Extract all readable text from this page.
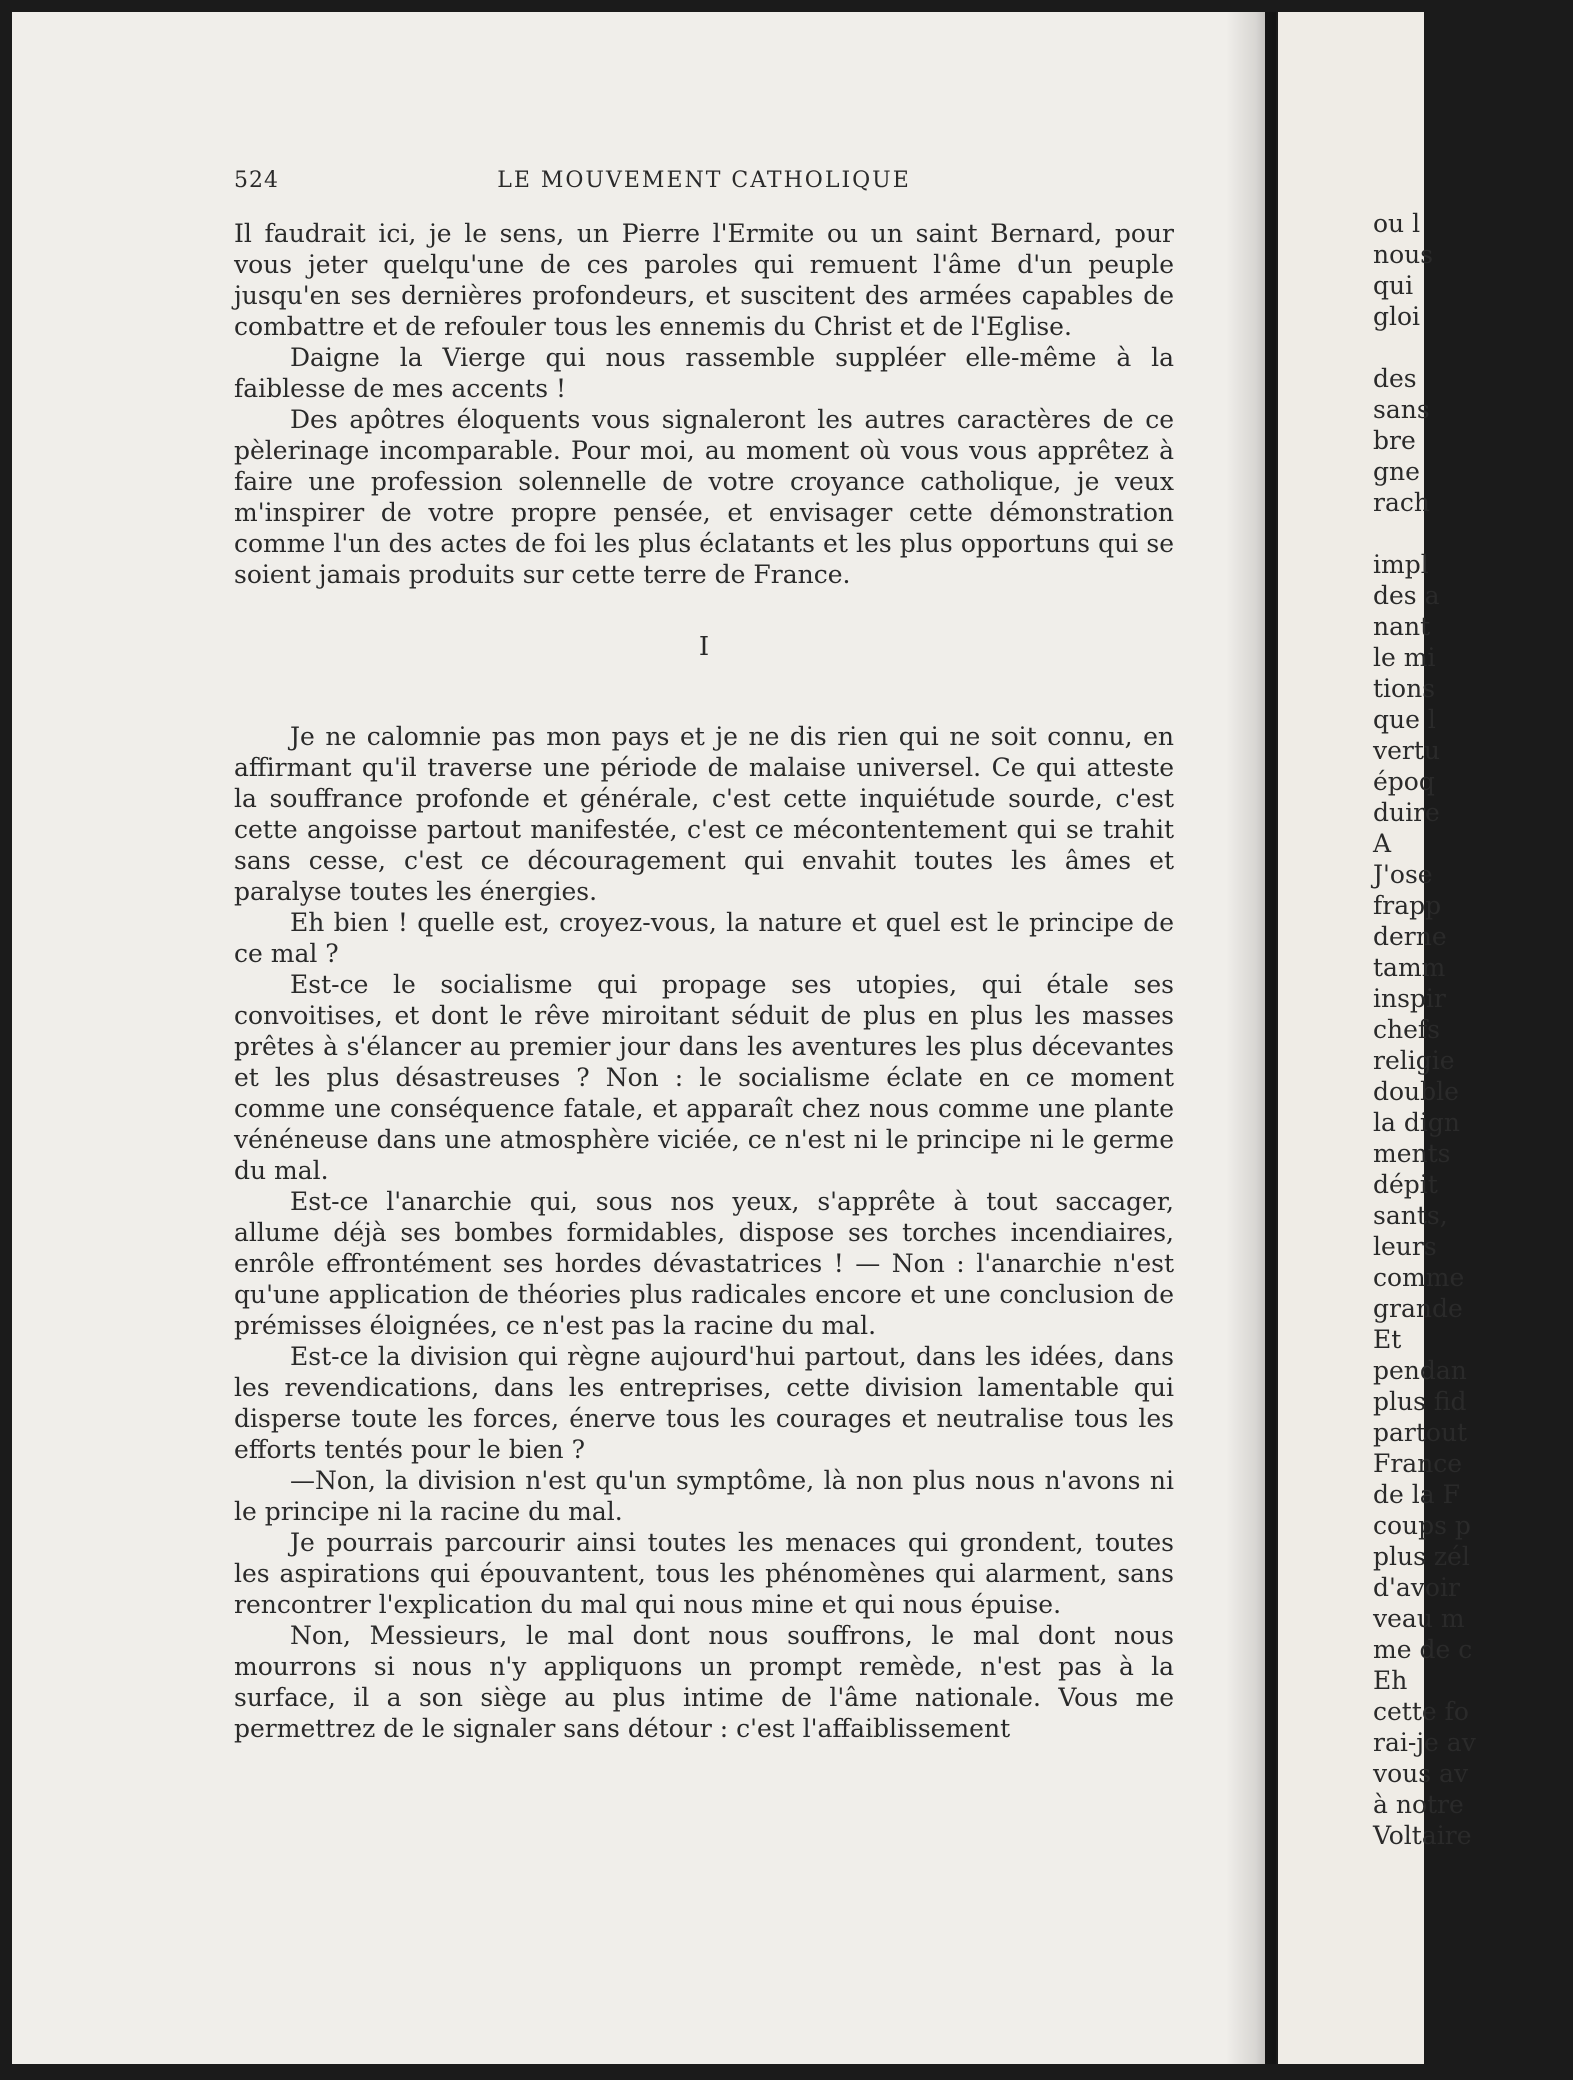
524	LE MOUVEMENT CATHOLIQUE

Il faudrait ici, je le sens, un Pierre l'Ermite ou un saint Bernard, pour vous jeter quelqu'une de ces paroles qui remuent l'âme d'un peuple jusqu'en ses dernières profondeurs, et suscitent des armées capables de combattre et de refouler tous les ennemis du Christ et de l'Eglise.

Daigne la Vierge qui nous rassemble suppléer elle-même à la faiblesse de mes accents !

Des apôtres éloquents vous signaleront les autres caractères de ce pèlerinage incomparable. Pour moi, au moment où vous vous apprêtez à faire une profession solennelle de votre croyance catholique, je veux m'inspirer de votre propre pensée, et envisager cette démonstration comme l'un des actes de foi les plus éclatants et les plus opportuns qui se soient jamais produits sur cette terre de France.

I

Je ne calomnie pas mon pays et je ne dis rien qui ne soit connu, en affirmant qu'il traverse une période de malaise universel. Ce qui atteste la souffrance profonde et générale, c'est cette inquiétude sourde, c'est cette angoisse partout manifestée, c'est ce mécontentement qui se trahit sans cesse, c'est ce découragement qui envahit toutes les âmes et paralyse toutes les énergies.

Eh bien ! quelle est, croyez-vous, la nature et quel est le principe de ce mal ?

Est-ce le socialisme qui propage ses utopies, qui étale ses convoitises, et dont le rêve miroitant séduit de plus en plus les masses prêtes à s'élancer au premier jour dans les aventures les plus décevantes et les plus désastreuses ? Non : le socialisme éclate en ce moment comme une conséquence fatale, et apparaît chez nous comme une plante vénéneuse dans une atmosphère viciée, ce n'est ni le principe ni le germe du mal.

Est-ce l'anarchie qui, sous nos yeux, s'apprête à tout saccager, allume déjà ses bombes formidables, dispose ses torches incendiaires, enrôle effrontément ses hordes dévastatrices ! — Non : l'anarchie n'est qu'une application de théories plus radicales encore et une conclusion de prémisses éloignées, ce n'est pas la racine du mal.

Est-ce la division qui règne aujourd'hui partout, dans les idées, dans les revendications, dans les entreprises, cette division lamentable qui disperse toute les forces, énerve tous les courages et neutralise tous les efforts tentés pour le bien ?

—Non, la division n'est qu'un symptôme, là non plus nous n'avons ni le principe ni la racine du mal.

Je pourrais parcourir ainsi toutes les menaces qui grondent, toutes les aspirations qui épouvantent, tous les phénomènes qui alarment, sans rencontrer l'explication du mal qui nous mine et qui nous épuise.

Non, Messieurs, le mal dont nous souffrons, le mal dont nous mourrons si nous n'y appliquons un prompt remède, n'est pas à la surface, il a son siège au plus intime de l'âme nationale. Vous me permettrez de le signaler sans détour : c'est l'affaiblissement

ou l
nous
qui
gloi
des
sans
bre
gne
rach
impl
des a
nant
le mi
tions
que l
vertu
époq
duire
A
J'ose
frapp
derne
tamm
inspir
chefs
religie
double
la dign
ments
dépit
sants,
leurs
comme
grande
Et
pendan
plus fid
partout
France
de la F
coups p
plus zél
d'avoir
veau m
me de c
Eh
cette fo
rai-je av
vous av
à notre
Voltaire
